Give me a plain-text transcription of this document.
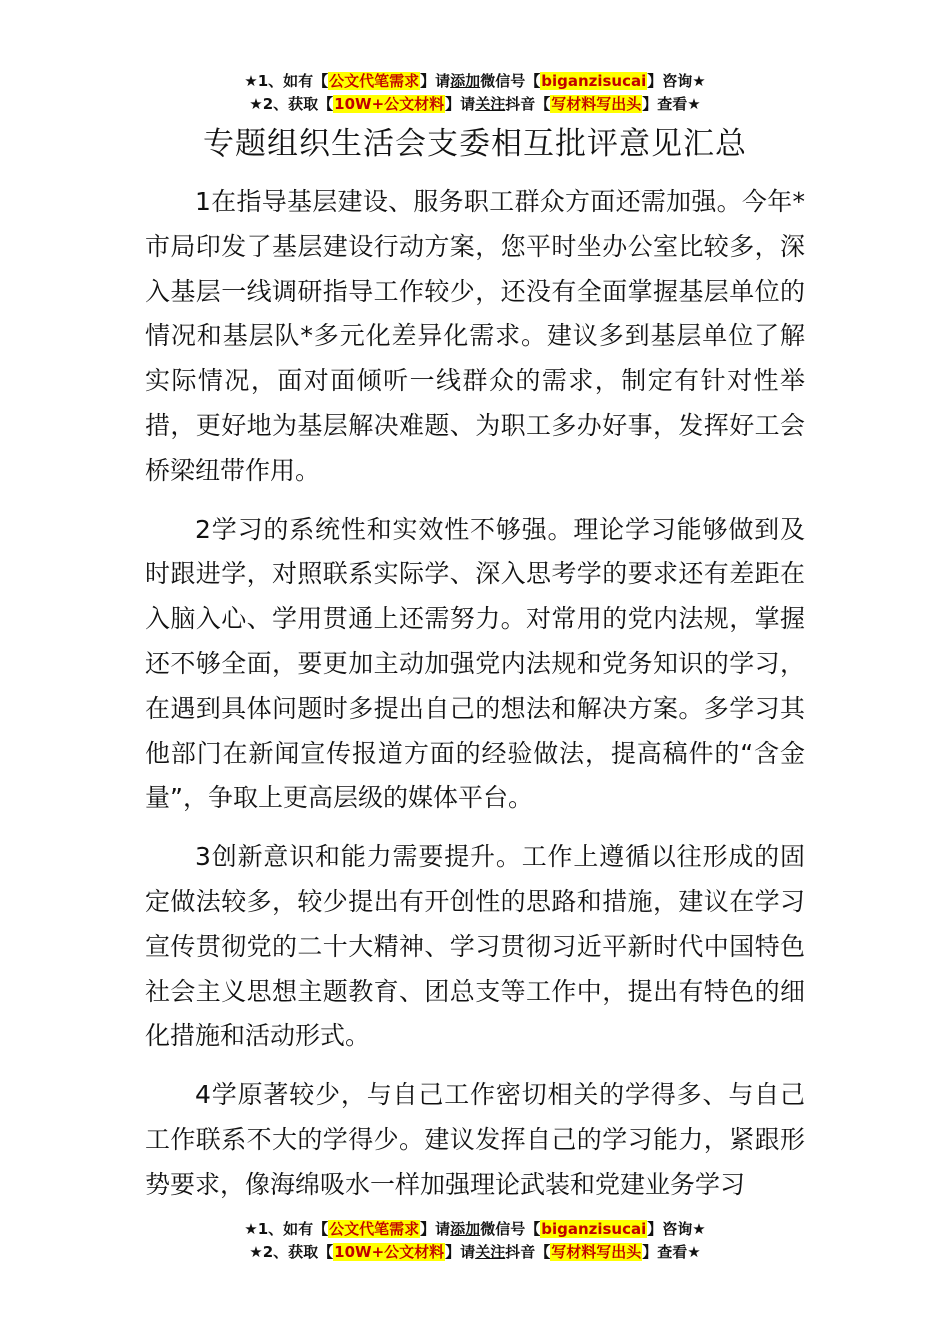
★1、如有【公文代笔需求】请添加微信号【biganzisucai】咨询★
★2、获取【10W+公文材料】请关注抖音【写材料写出头】查看★
专题组织生活会支委相互批评意见汇总

1在指导基层建设、服务职工群众方面还需加强。今年*市局印发了基层建设行动方案，您平时坐办公室比较多，深入基层一线调研指导工作较少，还没有全面掌握基层单位的情况和基层队*多元化差异化需求。建议多到基层单位了解实际情况，面对面倾听一线群众的需求，制定有针对性举措，更好地为基层解决难题、为职工多办好事，发挥好工会桥梁纽带作用。

2学习的系统性和实效性不够强。理论学习能够做到及时跟进学，对照联系实际学、深入思考学的要求还有差距在入脑入心、学用贯通上还需努力。对常用的党内法规，掌握还不够全面，要更加主动加强党内法规和党务知识的学习，在遇到具体问题时多提出自己的想法和解决方案。多学习其他部门在新闻宣传报道方面的经验做法，提高稿件的“含金量”，争取上更高层级的媒体平台。

3创新意识和能力需要提升。工作上遵循以往形成的固定做法较多，较少提出有开创性的思路和措施，建议在学习宣传贯彻党的二十大精神、学习贯彻习近平新时代中国特色社会主义思想主题教育、团总支等工作中，提出有特色的细化措施和活动形式。

4学原著较少，与自己工作密切相关的学得多、与自己工作联系不大的学得少。建议发挥自己的学习能力，紧跟形势要求，像海绵吸水一样加强理论武装和党建业务学习

★1、如有【公文代笔需求】请添加微信号【biganzisucai】咨询★
★2、获取【10W+公文材料】请关注抖音【写材料写出头】查看★
